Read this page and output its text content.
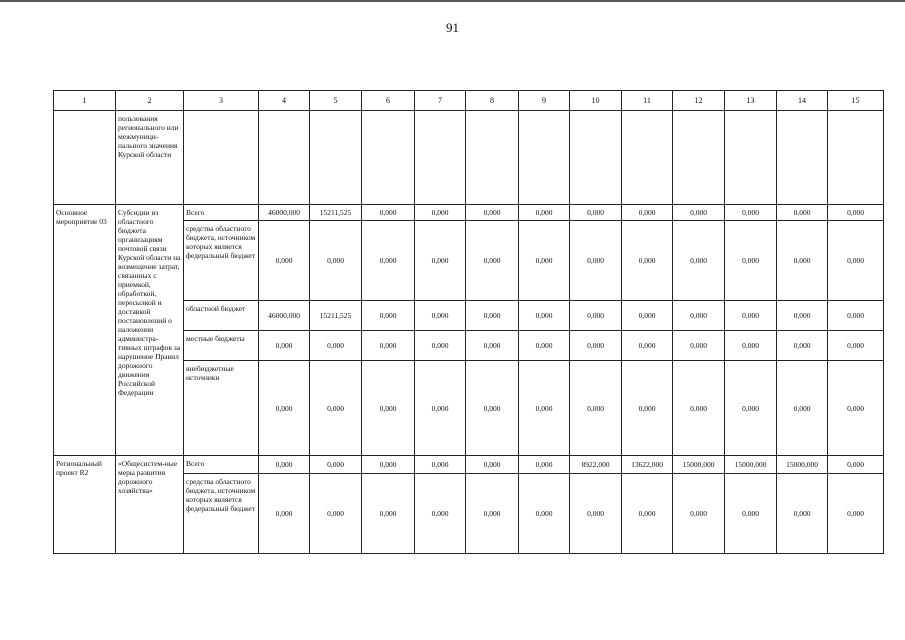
91
1	2	3	4	5	6	7	8	9	10	11	12	13	14	15
	пользования регионального или межмуници-пального значения Курской области													
Основное мероприятие 03	Субсидии из областного бюджета организациям почтовой связи Курской области на возмещение затрат, связанных с приемкой, обработкой, пересылкой и доставкой постановлений о наложении администра-тивных штрафов за нарушение Правил дорожного движения Российской Федерации	Всего	46000,000	15211,525	0,000	0,000	0,000	0,000	0,000	0,000	0,000	0,000	0,000	0,000
		средства областного бюджета, источником которых является федеральный бюджет	0,000	0,000	0,000	0,000	0,000	0,000	0,000	0,000	0,000	0,000	0,000	0,000
		областной бюджет	46000,000	15211,525	0,000	0,000	0,000	0,000	0,000	0,000	0,000	0,000	0,000	0,000
		местные бюджеты	0,000	0,000	0,000	0,000	0,000	0,000	0,000	0,000	0,000	0,000	0,000	0,000
		внебюджетные источники	0,000	0,000	0,000	0,000	0,000	0,000	0,000	0,000	0,000	0,000	0,000	0,000
Региональный проект R2	«Общесистем-ные меры развития дорожного хозяйства»	Всего	0,000	0,000	0,000	0,000	0,000	0,000	8922,000	13622,000	15000,000	15000,000	15000,000	0,000
		средства областного бюджета, источником которых является федеральный бюджет	0,000	0,000	0,000	0,000	0,000	0,000	0,000	0,000	0,000	0,000	0,000	0,000
